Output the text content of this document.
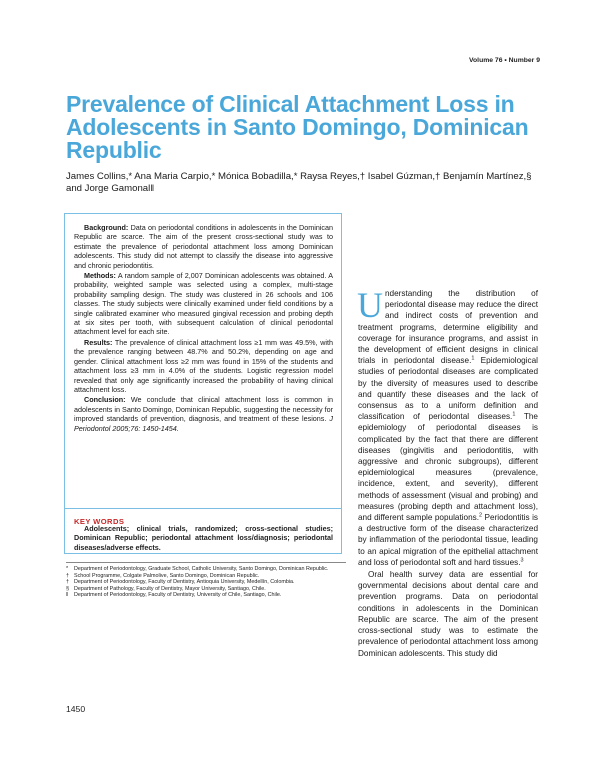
Volume 76 • Number 9
Prevalence of Clinical Attachment Loss in Adolescents in Santo Domingo, Dominican Republic

James Collins,* Ana Maria Carpio,* Mónica Bobadilla,* Raysa Reyes,† Isabel Gúzman,† Benjamín Martínez,§ and Jorge Gamonal‖

Background: Data on periodontal conditions in adolescents in the Dominican Republic are scarce. The aim of the present cross-sectional study was to estimate the prevalence of periodontal attachment loss among Dominican adolescents. This study did not attempt to classify the disease into aggressive and chronic periodontitis.

Methods: A random sample of 2,007 Dominican adolescents was obtained. A probability, weighted sample was selected using a complex, multi-stage probability sampling design. The study was clustered in 26 schools and 106 classes. The study subjects were clinically examined under field conditions by a single calibrated examiner who measured gingival recession and probing depth at six sites per tooth, with subsequent calculation of clinical periodontal attachment level for each site.

Results: The prevalence of clinical attachment loss ≥1 mm was 49.5%, with the prevalence ranging between 48.7% and 50.2%, depending on age and gender. Clinical attachment loss ≥2 mm was found in 15% of the students and attachment loss ≥3 mm in 4.0% of the students. Logistic regression model revealed that only age significantly increased the probability of having clinical attachment loss.

Conclusion: We conclude that clinical attachment loss is common in adolescents in Santo Domingo, Dominican Republic, suggesting the necessity for improved standards of prevention, diagnosis, and treatment of these lesions. J Periodontol 2005;76: 1450-1454.

KEY WORDS

Adolescents; clinical trials, randomized; cross-sectional studies; Dominican Republic; periodontal attachment loss/diagnosis; periodontal diseases/adverse effects.

*	Department of Periodontology, Graduate School, Catholic University, Santo Domingo, Dominican Republic.
† School Programme, Colgate Palmolive, Santo Domingo, Dominican Republic.
† Department of Periodontology, Faculty of Dentistry, Antioquia University, Medellín, Colombia.
§ Department of Pathology, Faculty of Dentistry, Mayor University, Santiago, Chile.
‖	Department of Periodontology, Faculty of Dentistry, University of Chile, Santiago, Chile.

Understanding the distribution of periodontal disease may reduce the direct and indirect costs of prevention and treatment programs, determine eligibility and coverage for insurance programs, and assist in the development of efficient designs in clinical trials in periodontal disease.$^1$ Epidemiological studies of periodontal diseases are complicated by the diversity of measures used to describe and quantify these diseases and the lack of consensus as to a uniform definition and classification of periodontal diseases.$^1$ The epidemiology of periodontal diseases is complicated by the fact that there are different diseases (gingivitis and periodontitis, with aggressive and chronic subgroups), different epidemiological measures (prevalence, incidence, extent, and severity), different methods of assessment (visual and probing) and measures (probing depth and attachment loss), and different sample populations.$^2$ Periodontitis is a destructive form of the disease characterized by inflammation of the periodontal tissue, leading to an apical migration of the epithelial attachment and loss of periodontal soft and hard tissues.$^3$

Oral health survey data are essential for governmental decisions about dental care and prevention programs. Data on periodontal conditions in adolescents in the Dominican Republic are scarce. The aim of the present cross-sectional study was to estimate the prevalence of periodontal attachment loss among Dominican adolescents. This study did

1450
